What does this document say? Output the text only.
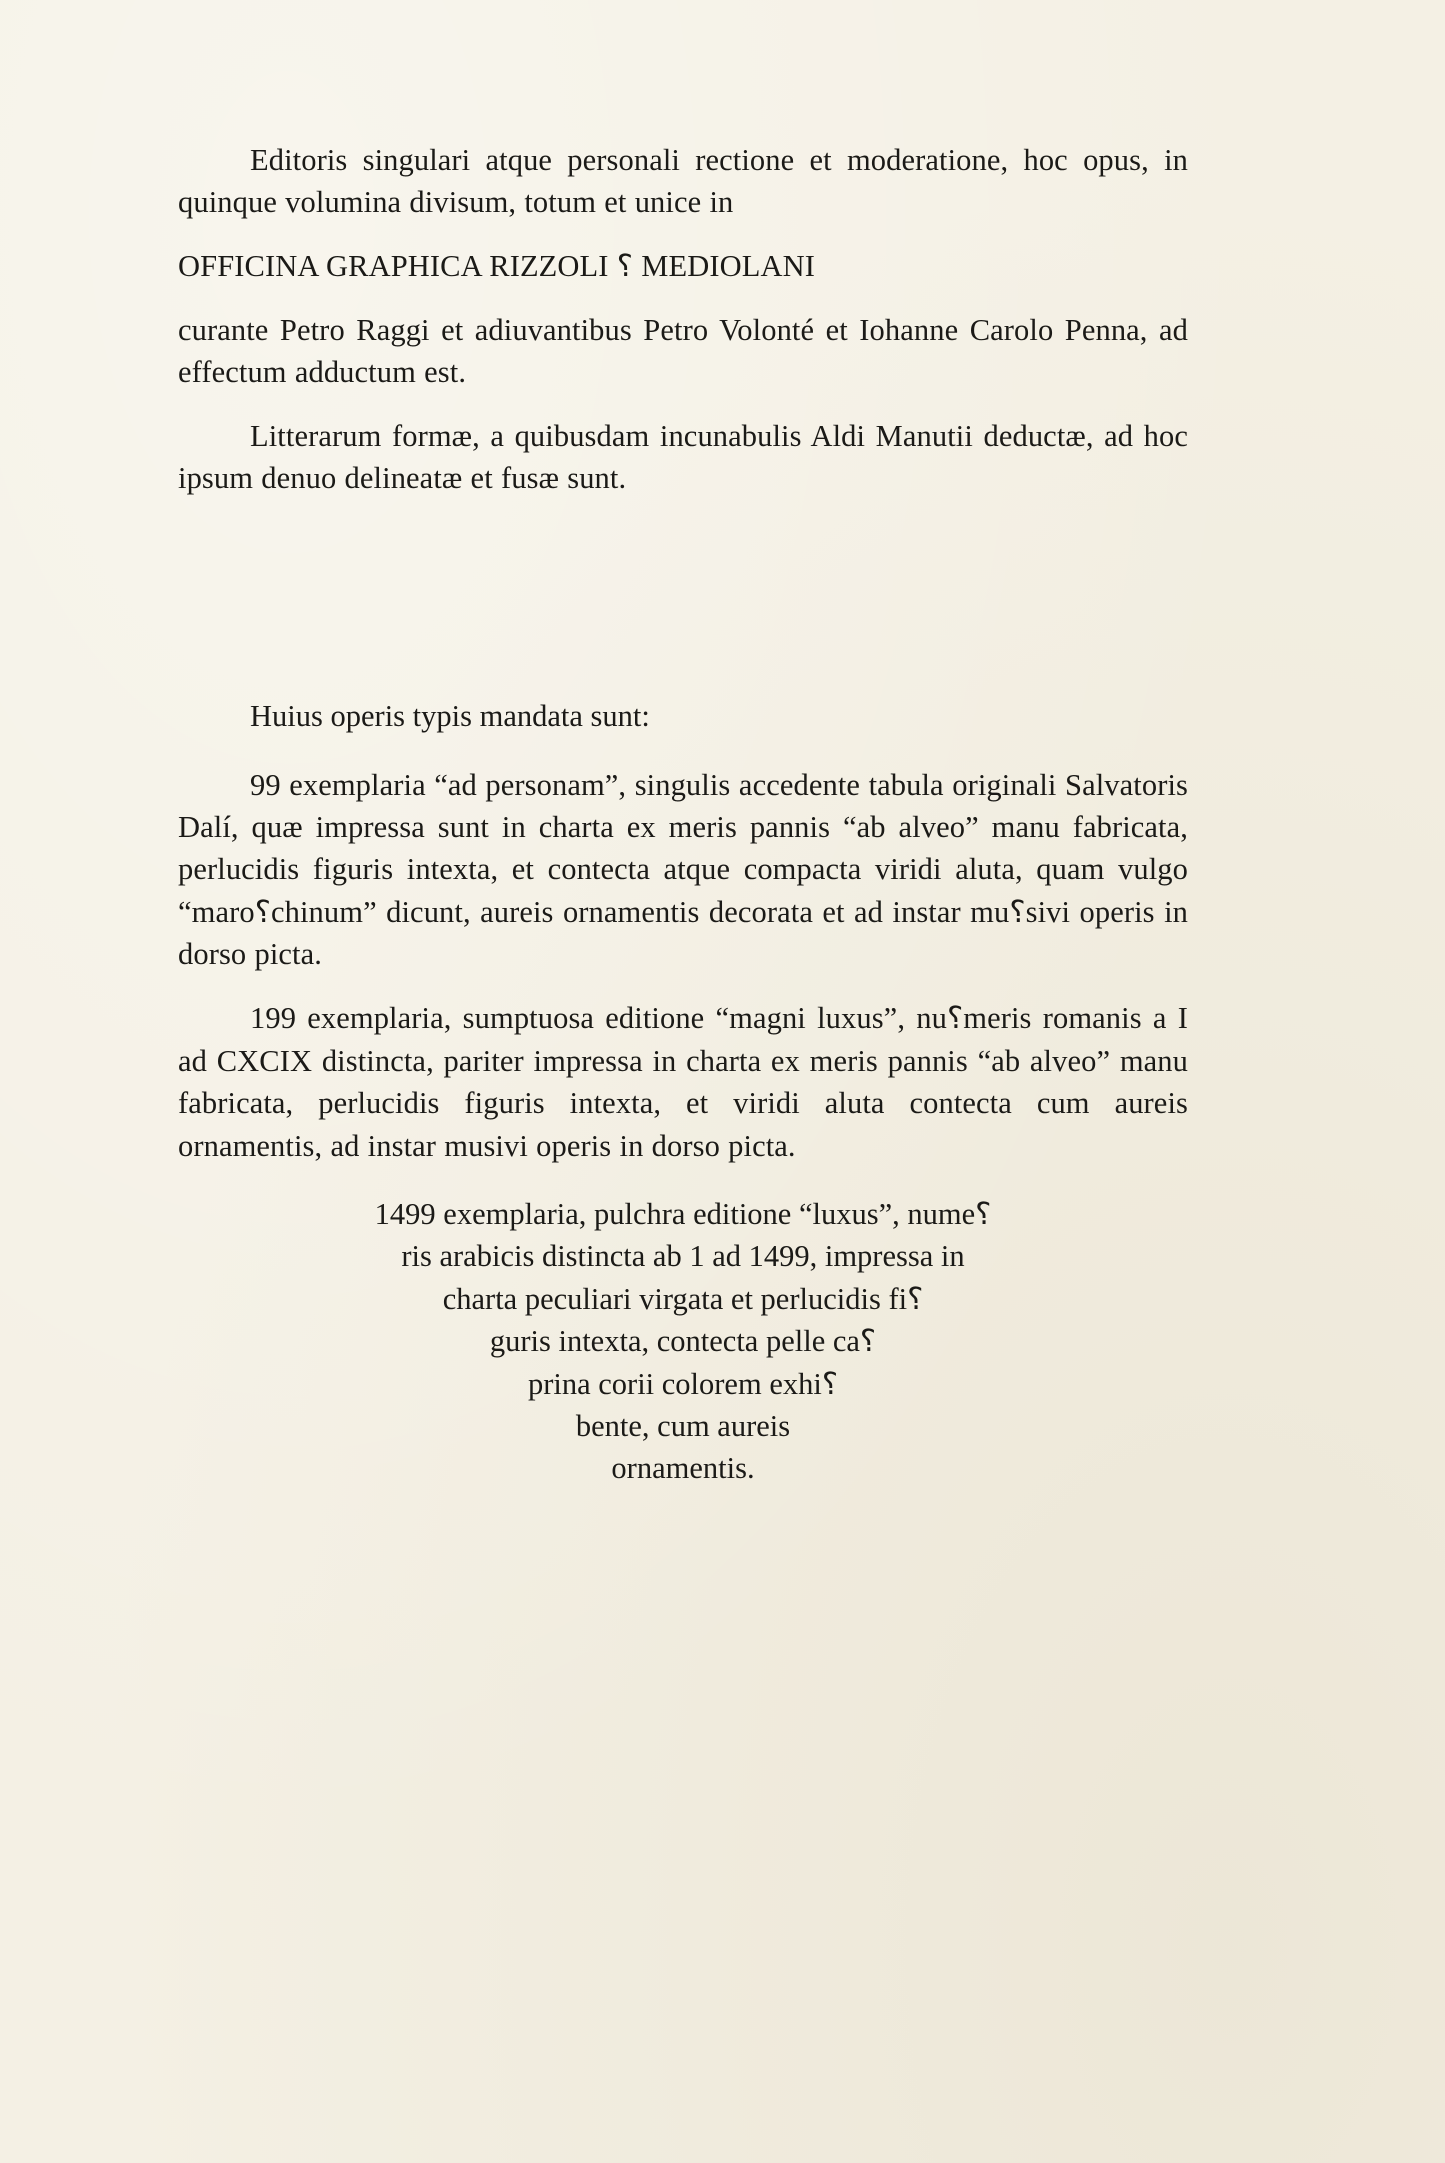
Editoris singulari atque personali rectione et moderatione, hoc opus, in quinque volumina divisum, totum et unice in

OFFICINA GRAPHICA RIZZOLI ⸮ MEDIOLANI

curante Petro Raggi et adiuvantibus Petro Volonté et Iohanne Carolo Penna, ad effectum adductum est.

Litterarum formæ, a quibusdam incunabulis Aldi Manutii deductæ, ad hoc ipsum denuo delineatæ et fusæ sunt.

Huius operis typis mandata sunt:

99 exemplaria “ad personam”, singulis accedente tabula originali Salvatoris Dalí, quæ impressa sunt in charta ex meris pannis “ab alveo” manu fabricata, perlucidis figuris intexta, et contecta atque compacta viridi aluta, quam vulgo “maro⸮chinum” dicunt, aureis ornamentis decorata et ad instar mu⸮sivi operis in dorso picta.

199 exemplaria, sumptuosa editione “magni luxus”, nu⸮meris romanis a I ad CXCIX distincta, pariter impressa in charta ex meris pannis “ab alveo” manu fabricata, perlucidis figuris intexta, et viridi aluta contecta cum aureis ornamentis, ad instar musivi operis in dorso picta.

1499 exemplaria, pulchra editione “luxus”, nume⸮
ris arabicis distincta ab 1 ad 1499, impressa in
charta peculiari virgata et perlucidis fi⸮
guris intexta, contecta pelle ca⸮
prina corii colorem exhi⸮
bente, cum aureis
ornamentis.
